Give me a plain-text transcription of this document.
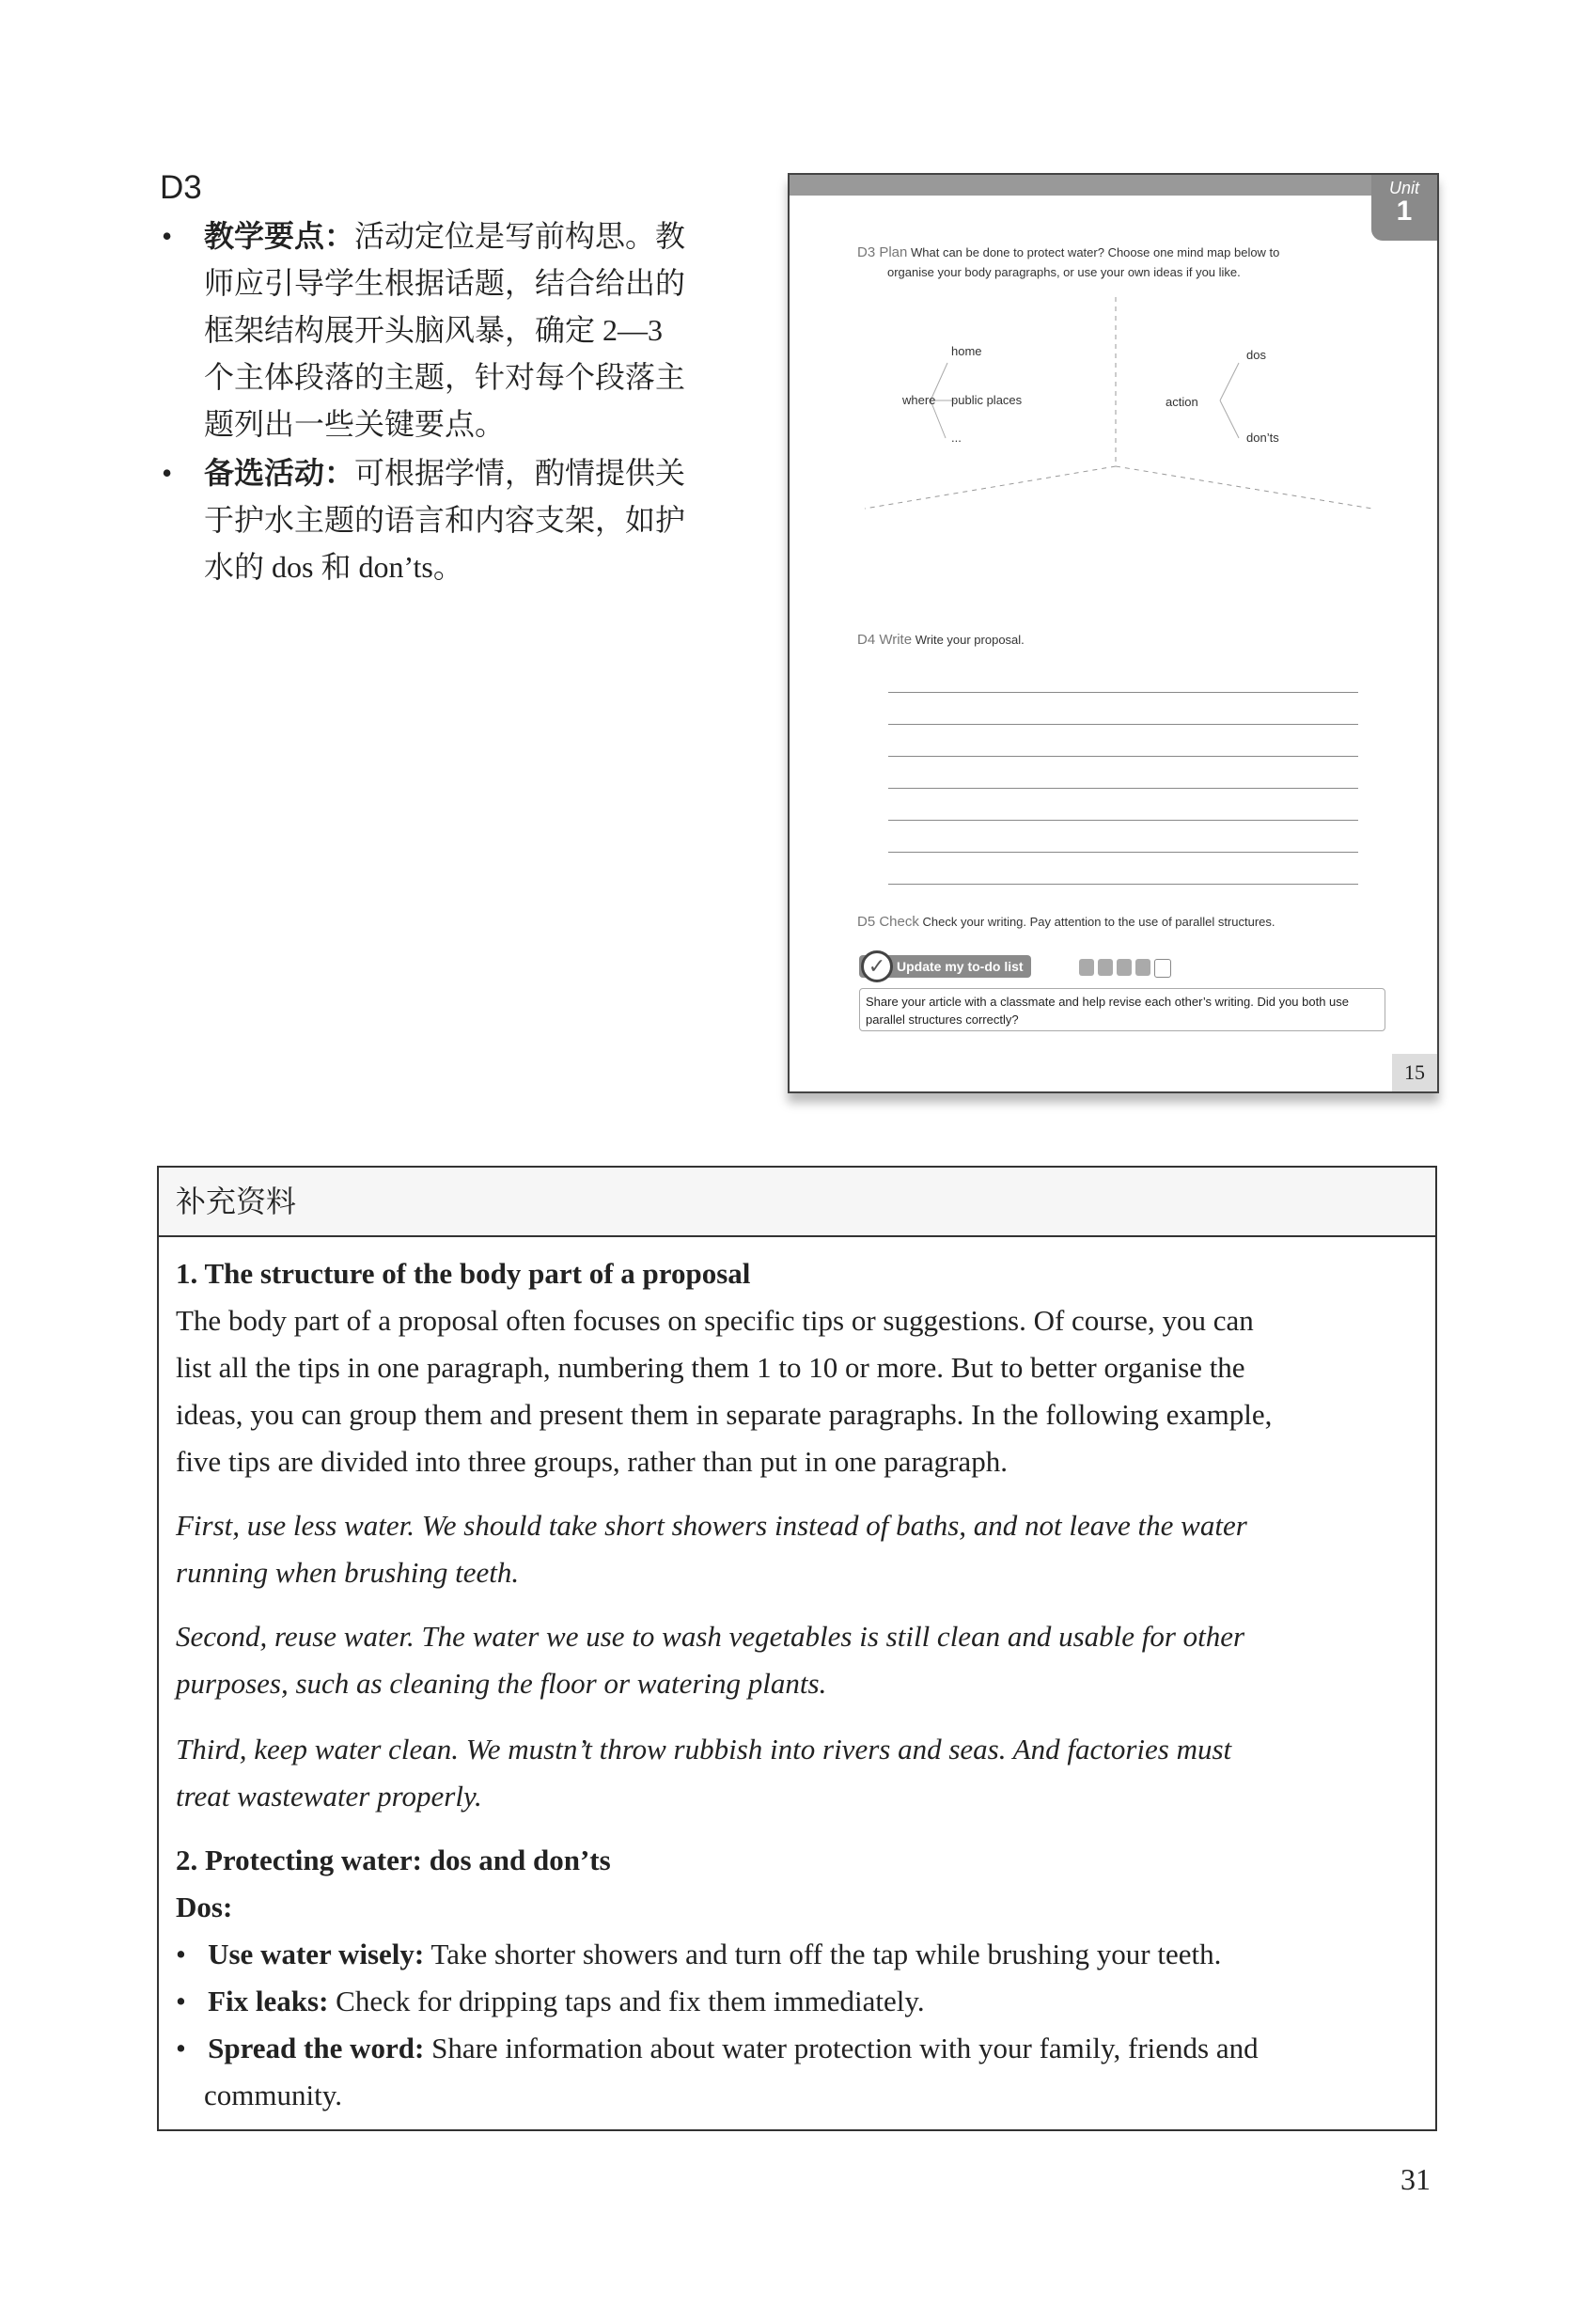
D3
• 教学要点：活动定位是写前构思。教
师应引导学生根据话题，结合给出的
框架结构展开头脑风暴，确定 2—3
个主体段落的主题，针对每个段落主
题列出一些关键要点。
• 备选活动：可根据学情，酌情提供关
于护水主题的语言和内容支架，如护
水的 dos 和 don’ts。
Unit
1
D3 Plan What can be done to protect water? Choose one mind map below to
organise your body paragraphs, or use your own ideas if you like.
where
home
public places
...
action
dos
don’ts
D4 Write Write your proposal.
D5 Check Check your writing. Pay attention to the use of parallel structures.
Update my to-do list
✓
Share your article with a classmate and help revise each other’s writing. Did you both use parallel structures correctly?
15
补充资料
1. The structure of the body part of a proposal
The body part of a proposal often focuses on specific tips or suggestions. Of course, you can
list all the tips in one paragraph, numbering them 1 to 10 or more. But to better organise the
ideas, you can group them and present them in separate paragraphs. In the following example,
five tips are divided into three groups, rather than put in one paragraph.
First, use less water. We should take short showers instead of baths, and not leave the water
running when brushing teeth.
Second, reuse water. The water we use to wash vegetables is still clean and usable for other
purposes, such as cleaning the floor or watering plants.
Third, keep water clean. We mustn’t throw rubbish into rivers and seas. And factories must
treat wastewater properly.
2. Protecting water: dos and don’ts
Dos:
•   Use water wisely: Take shorter showers and turn off the tap while brushing your teeth.
•   Fix leaks: Check for dripping taps and fix them immediately.
•   Spread the word: Share information about water protection with your family, friends and
community.
31
